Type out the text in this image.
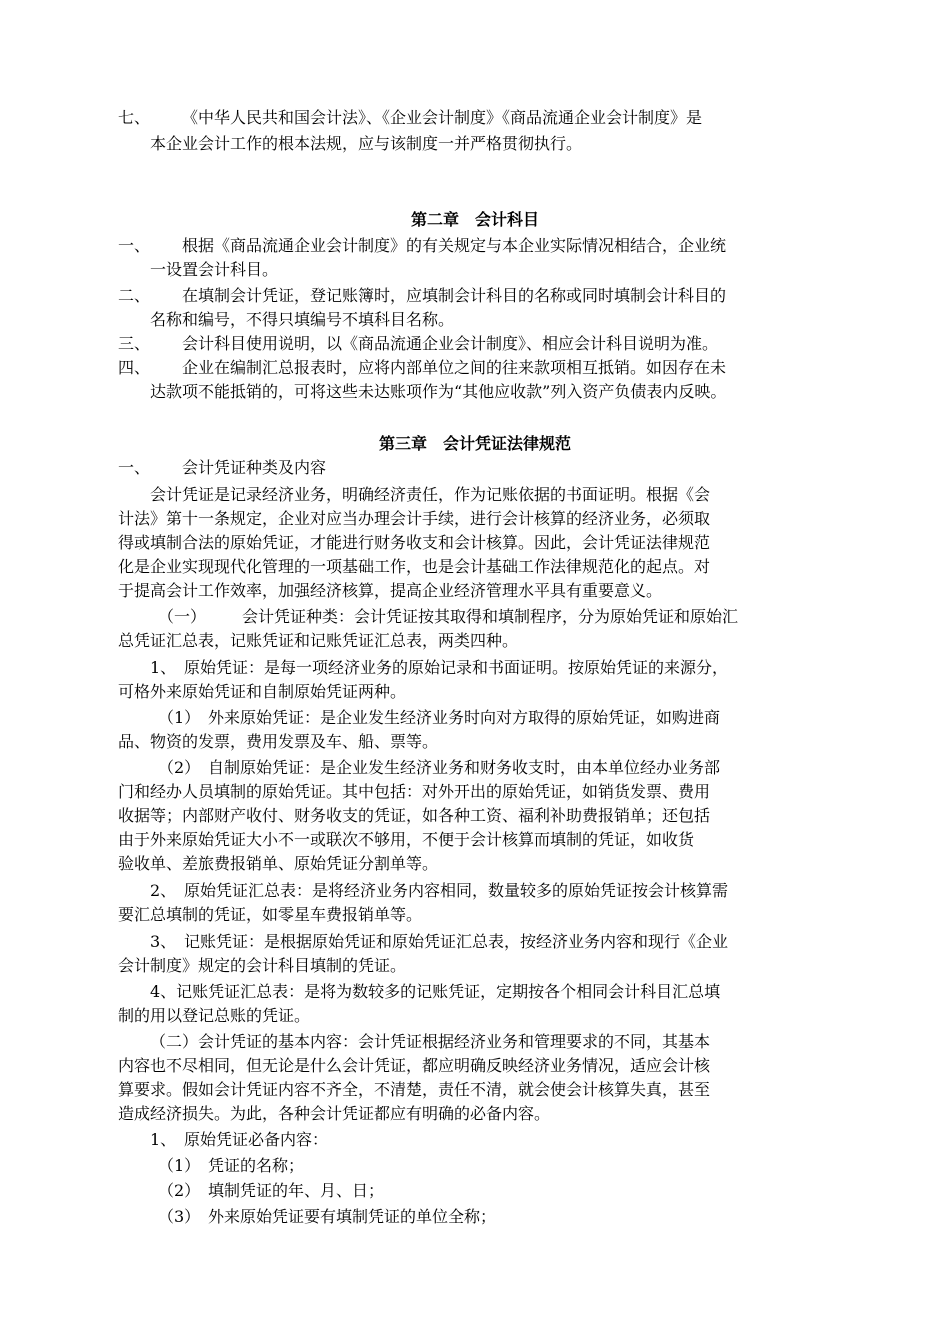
七、 《中华人民共和国会计法》、《企业会计制度》《商品流通企业会计制度》是
本企业会计工作的根本法规，应与该制度一并严格贯彻执行。
第二章　会计科目
一、 根据《商品流通企业会计制度》的有关规定与本企业实际情况相结合，企业统
一设置会计科目。
二、 在填制会计凭证，登记账簿时，应填制会计科目的名称或同时填制会计科目的
名称和编号，不得只填编号不填科目名称。
三、 会计科目使用说明，以《商品流通企业会计制度》、相应会计科目说明为准。
四、 企业在编制汇总报表时，应将内部单位之间的往来款项相互抵销。如因存在未
达款项不能抵销的，可将这些未达账项作为“其他应收款”列入资产负债表内反映。
第三章　会计凭证法律规范
一、 会计凭证种类及内容
会计凭证是记录经济业务，明确经济责任，作为记账依据的书面证明。根据《会
计法》第十一条规定，企业对应当办理会计手续，进行会计核算的经济业务，必须取
得或填制合法的原始凭证，才能进行财务收支和会计核算。因此，会计凭证法律规范
化是企业实现现代化管理的一项基础工作，也是会计基础工作法律规范化的起点。对
于提高会计工作效率，加强经济核算，提高企业经济管理水平具有重要意义。
（一） 会计凭证种类：会计凭证按其取得和填制程序，分为原始凭证和原始汇
总凭证汇总表，记账凭证和记账凭证汇总表，两类四种。
1、 原始凭证：是每一项经济业务的原始记录和书面证明。按原始凭证的来源分，
可格外来原始凭证和自制原始凭证两种。
（1） 外来原始凭证：是企业发生经济业务时向对方取得的原始凭证，如购进商
品、物资的发票，费用发票及车、船、票等。
（2） 自制原始凭证：是企业发生经济业务和财务收支时，由本单位经办业务部
门和经办人员填制的原始凭证。其中包括：对外开出的原始凭证，如销货发票、费用
收据等；内部财产收付、财务收支的凭证，如各种工资、福利补助费报销单；还包括
由于外来原始凭证大小不一或联次不够用，不便于会计核算而填制的凭证，如收货
验收单、差旅费报销单、原始凭证分割单等。
2、 原始凭证汇总表：是将经济业务内容相同，数量较多的原始凭证按会计核算需
要汇总填制的凭证，如零星车费报销单等。
3、 记账凭证：是根据原始凭证和原始凭证汇总表，按经济业务内容和现行《企业
会计制度》规定的会计科目填制的凭证。
4、记账凭证汇总表：是将为数较多的记账凭证，定期按各个相同会计科目汇总填
制的用以登记总账的凭证。
（二）会计凭证的基本内容：会计凭证根据经济业务和管理要求的不同，其基本
内容也不尽相同，但无论是什么会计凭证，都应明确反映经济业务情况，适应会计核
算要求。假如会计凭证内容不齐全，不清楚，责任不清，就会使会计核算失真，甚至
造成经济损失。为此，各种会计凭证都应有明确的必备内容。
1、 原始凭证必备内容：
（1） 凭证的名称；
（2） 填制凭证的年、月、日；
（3） 外来原始凭证要有填制凭证的单位全称；
